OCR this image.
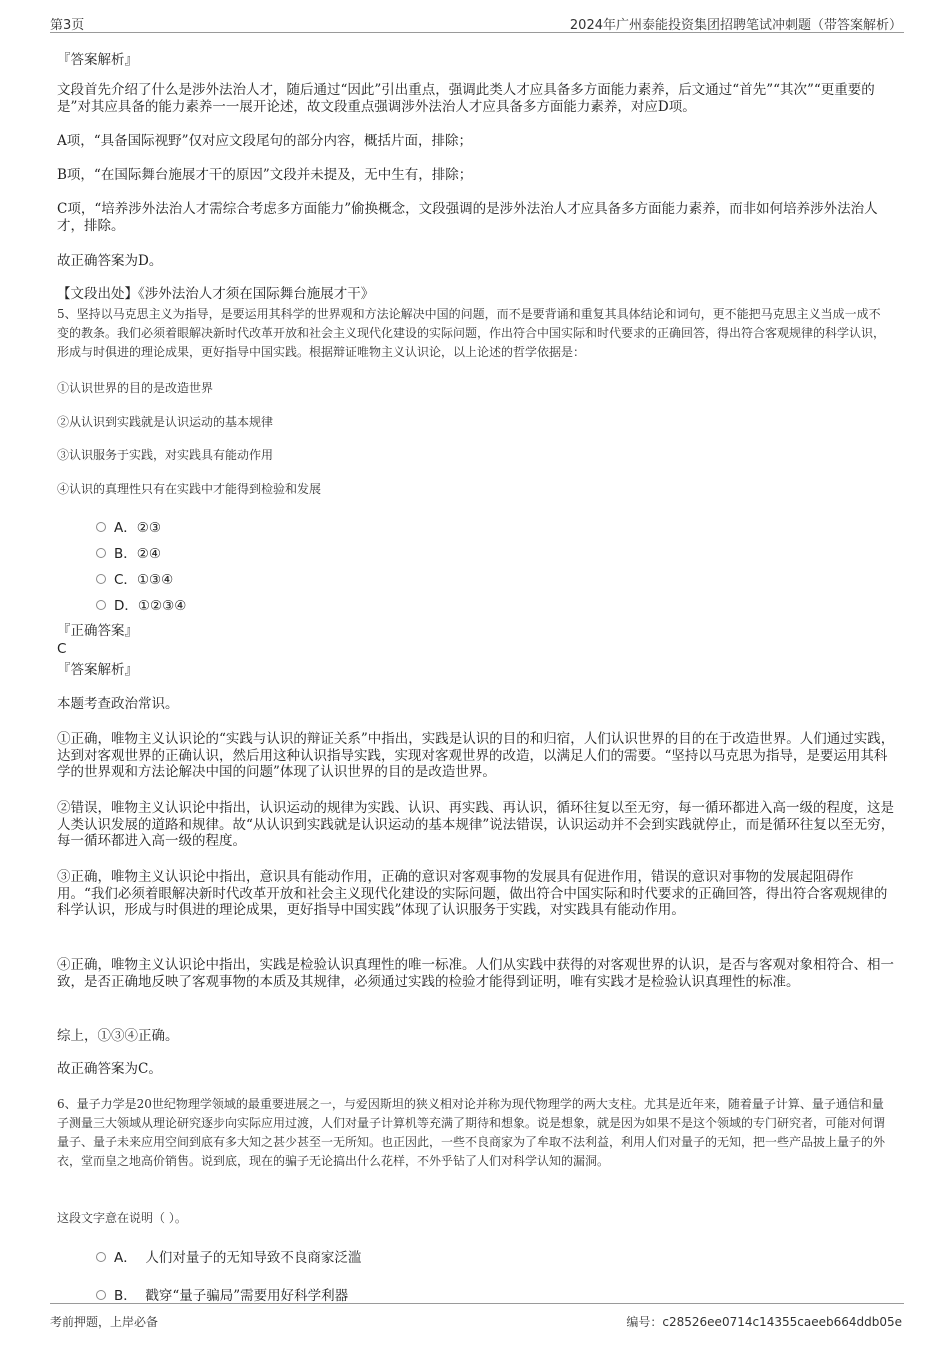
第3页	2024年广州泰能投资集团招聘笔试冲刺题（带答案解析）
『答案解析』
文段首先介绍了什么是涉外法治人才，随后通过“因此”引出重点，强调此类人才应具备多方面能力素养，后文通过“首先”“其次”“更重要的是”对其应具备的能力素养一一展开论述，故文段重点强调涉外法治人才应具备多方面能力素养，对应D项。
A项，“具备国际视野”仅对应文段尾句的部分内容，概括片面，排除；
B项，“在国际舞台施展才干的原因”文段并未提及，无中生有，排除；
C项，“培养涉外法治人才需综合考虑多方面能力”偷换概念，文段强调的是涉外法治人才应具备多方面能力素养，而非如何培养涉外法治人才，排除。
故正确答案为D。
【文段出处】《涉外法治人才须在国际舞台施展才干》
5、坚持以马克思主义为指导，是要运用其科学的世界观和方法论解决中国的问题，而不是要背诵和重复其具体结论和词句，更不能把马克思主义当成一成不变的教条。我们必须着眼解决新时代改革开放和社会主义现代化建设的实际问题，作出符合中国实际和时代要求的正确回答，得出符合客观规律的科学认识，形成与时俱进的理论成果，更好指导中国实践。根据辩证唯物主义认识论，以上论述的哲学依据是：
①认识世界的目的是改造世界
②从认识到实践就是认识运动的基本规律
③认识服务于实践，对实践具有能动作用
④认识的真理性只有在实践中才能得到检验和发展
A．②③
B．②④
C．①③④
D．①②③④
『正确答案』
C
『答案解析』
本题考查政治常识。
①正确，唯物主义认识论的“实践与认识的辩证关系”中指出，实践是认识的目的和归宿，人们认识世界的目的在于改造世界。人们通过实践，达到对客观世界的正确认识，然后用这种认识指导实践，实现对客观世界的改造，以满足人们的需要。“坚持以马克思为指导，是要运用其科学的世界观和方法论解决中国的问题”体现了认识世界的目的是改造世界。
②错误，唯物主义认识论中指出，认识运动的规律为实践、认识、再实践、再认识，循环往复以至无穷，每一循环都进入高一级的程度，这是人类认识发展的道路和规律。故“从认识到实践就是认识运动的基本规律”说法错误，认识运动并不会到实践就停止，而是循环往复以至无穷，每一循环都进入高一级的程度。
③正确，唯物主义认识论中指出，意识具有能动作用，正确的意识对客观事物的发展具有促进作用，错误的意识对事物的发展起阻碍作用。“我们必须着眼解决新时代改革开放和社会主义现代化建设的实际问题，做出符合中国实际和时代要求的正确回答，得出符合客观规律的科学认识，形成与时俱进的理论成果，更好指导中国实践”体现了认识服务于实践，对实践具有能动作用。
④正确，唯物主义认识论中指出，实践是检验认识真理性的唯一标准。人们从实践中获得的对客观世界的认识，是否与客观对象相符合、相一致，是否正确地反映了客观事物的本质及其规律，必须通过实践的检验才能得到证明，唯有实践才是检验认识真理性的标准。
综上，①③④正确。
故正确答案为C。
6、量子力学是20世纪物理学领域的最重要进展之一，与爱因斯坦的狭义相对论并称为现代物理学的两大支柱。尤其是近年来，随着量子计算、量子通信和量子测量三大领域从理论研究逐步向实际应用过渡，人们对量子计算机等充满了期待和想象。说是想象，就是因为如果不是这个领域的专门研究者，可能对何谓量子、量子未来应用空间到底有多大知之甚少甚至一无所知。也正因此，一些不良商家为了牟取不法利益，利用人们对量子的无知，把一些产品披上量子的外衣，堂而皇之地高价销售。说到底，现在的骗子无论搞出什么花样，不外乎钻了人们对科学认知的漏洞。
这段文字意在说明（ ）。
A． 人们对量子的无知导致不良商家泛滥
B． 戳穿“量子骗局”需要用好科学利器
考前押题，上岸必备	编号：c28526ee0714c14355caeeb664ddb05e
